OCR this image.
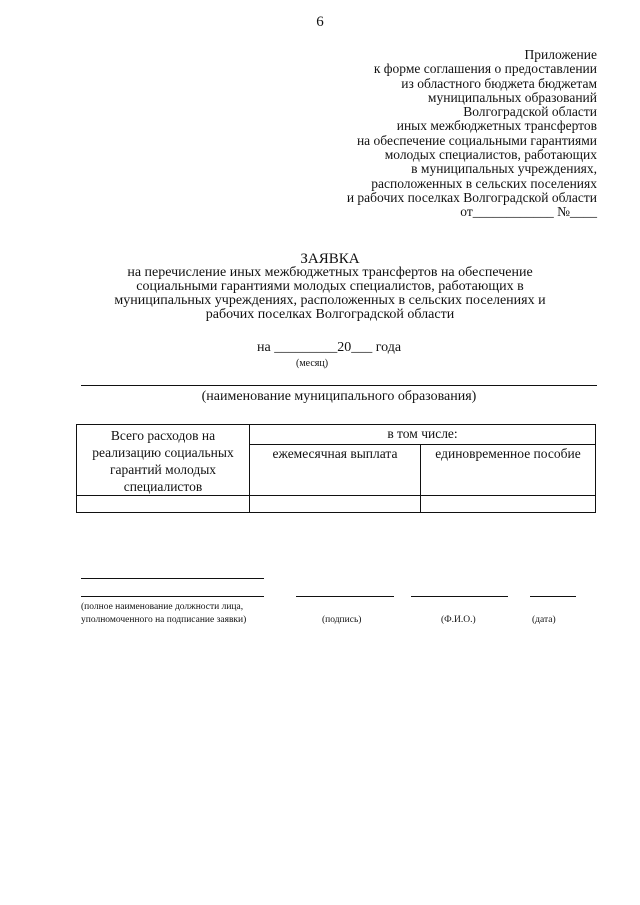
6
Приложение
к форме соглашения о предоставлении
из областного бюджета бюджетам
муниципальных образований
Волгоградской области
иных межбюджетных трансфертов
на обеспечение социальными гарантиями
молодых специалистов, работающих
в муниципальных учреждениях,
расположенных в сельских поселениях
и рабочих поселках Волгоградской области
от____________ №____
ЗАЯВКА
на перечисление иных межбюджетных трансфертов на обеспечение
социальными гарантиями молодых специалистов, работающих в
муниципальных учреждениях, расположенных в сельских поселениях и
рабочих поселках Волгоградской области
на _________20___ года
(месяц)
(наименование муниципального образования)
Всего расходов на реализацию социальных гарантий молодых специалистов	в том числе:	
	ежемесячная выплата	единовременное пособие

(полное наименование должности лица,
уполномоченного на подписание заявки)	(подпись)	(Ф.И.О.)	(дата)
